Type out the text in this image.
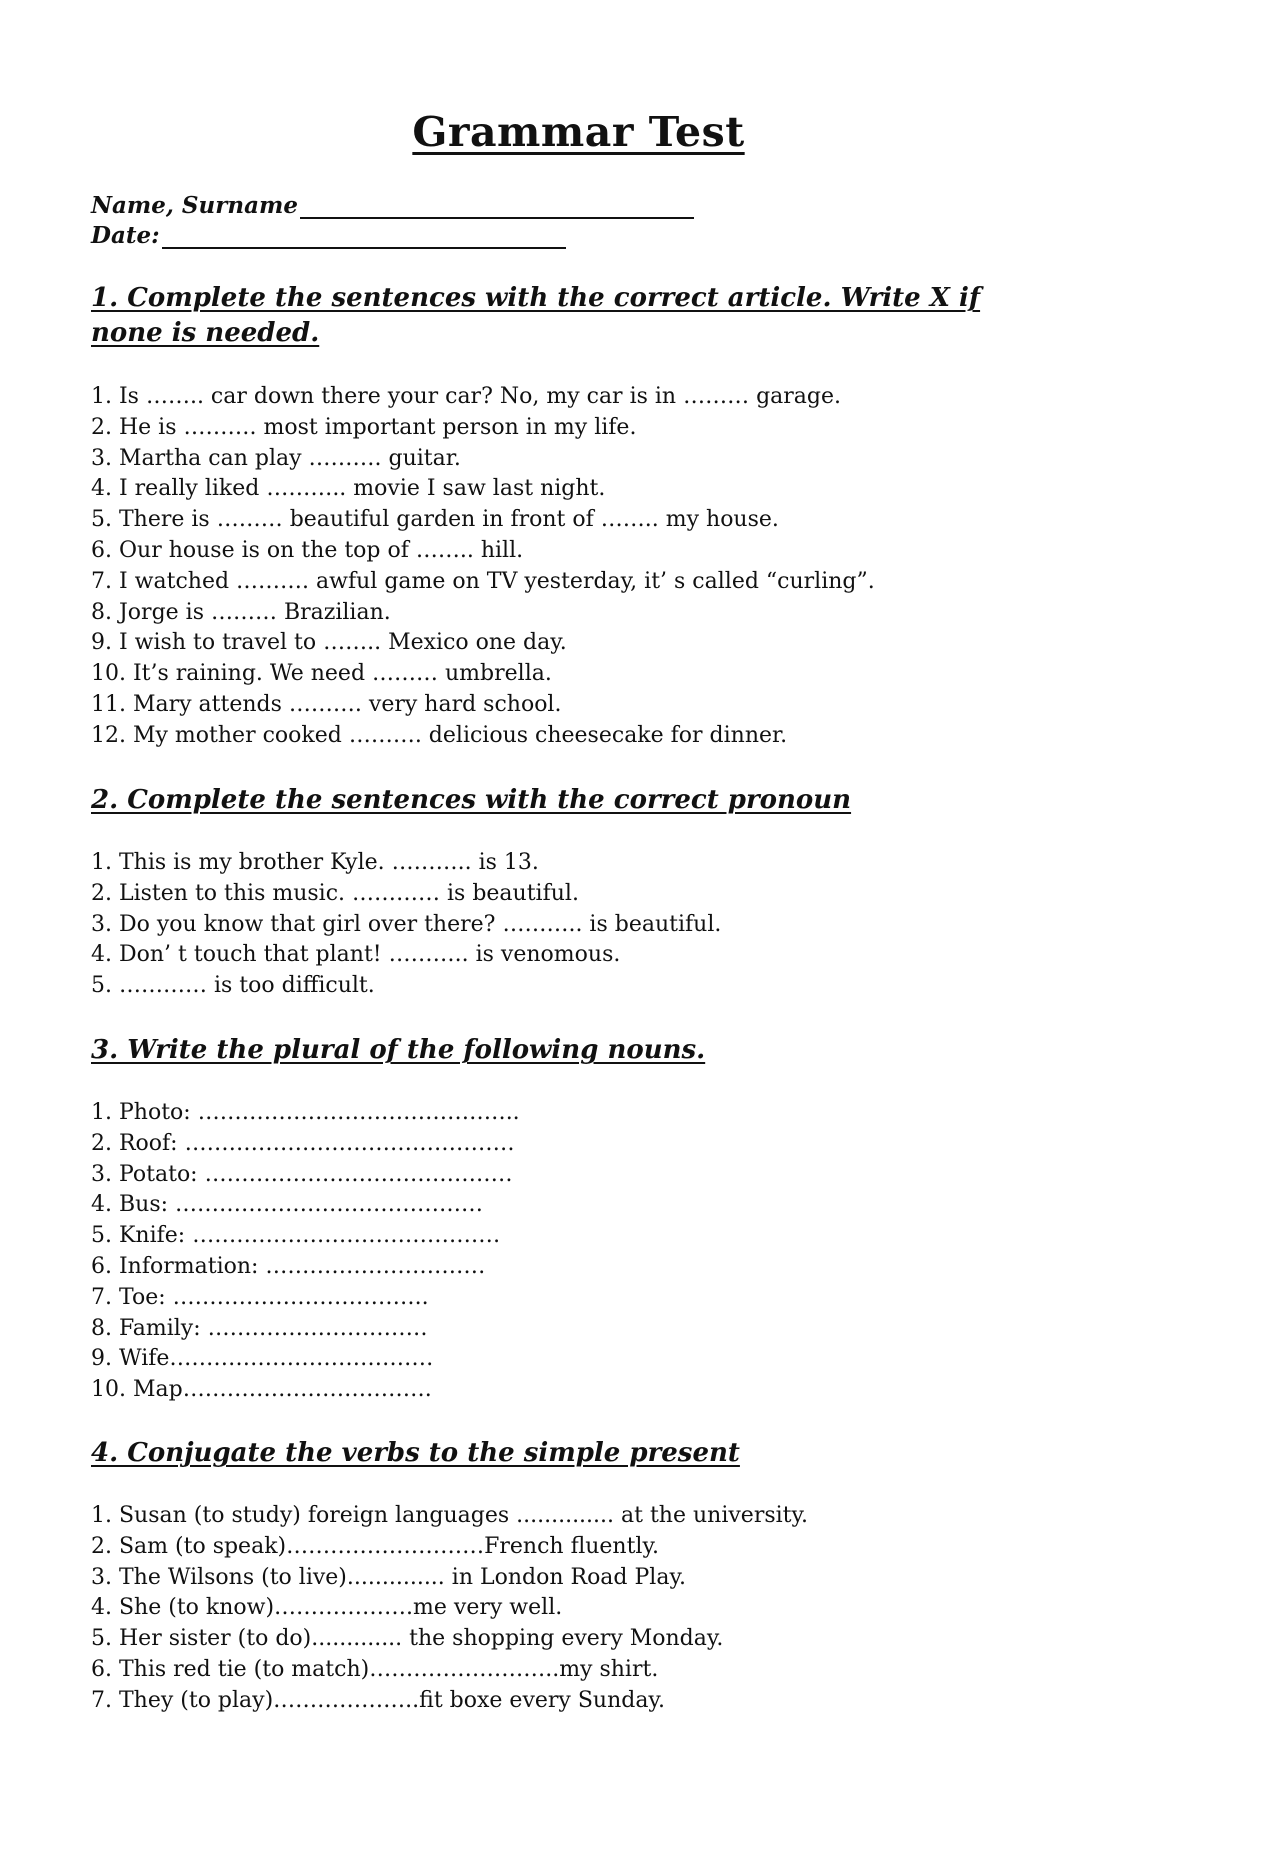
Grammar Test
Name, Surname
Date:
1. Complete the sentences with the correct article. Write X if none is needed.
1. Is …….. car down there your car? No, my car is in ……… garage.
2. He is ………. most important person in my life.
3. Martha can play ………. guitar.
4. I really liked ……….. movie I saw last night.
5. There is ……… beautiful garden in front of …….. my house.
6. Our house is on the top of …….. hill.
7. I watched ………. awful game on TV yesterday, it’ s called “curling”.
8. Jorge is ……… Brazilian.
9. I wish to travel to …….. Mexico one day.
10. It’s raining. We need ……… umbrella.
11. Mary attends ………. very hard school.
12. My mother cooked ………. delicious cheesecake for dinner.
2. Complete the sentences with the correct pronoun
1. This is my brother Kyle. ……….. is 13.
2. Listen to this music. ………… is beautiful.
3. Do you know that girl over there? ……….. is beautiful.
4. Don’ t touch that plant! ……….. is venomous.
5. ………… is too difficult.
3. Write the plural of the following nouns.
1. Photo: ……………………………………..
2. Roof: ………………………………………
3. Potato: ……………………………………
4. Bus: ……………………………………
5. Knife: ……………………………………
6. Information: …………………………
7. Toe: ……………………………..
8. Family: …………………………
9. Wife………………………………
10. Map…………………………….
4. Conjugate the verbs to the simple present
1. Susan (to study) foreign languages .............. at the university.
2. Sam (to speak)………………………French fluently.
3. The Wilsons (to live).............. in London Road Play.
4. She (to know)……………….me very well.
5. Her sister (to do)............. the shopping every Monday.
6. This red tie (to match)……………………..my shirt.
7. They (to play)………………..fit boxe every Sunday.
